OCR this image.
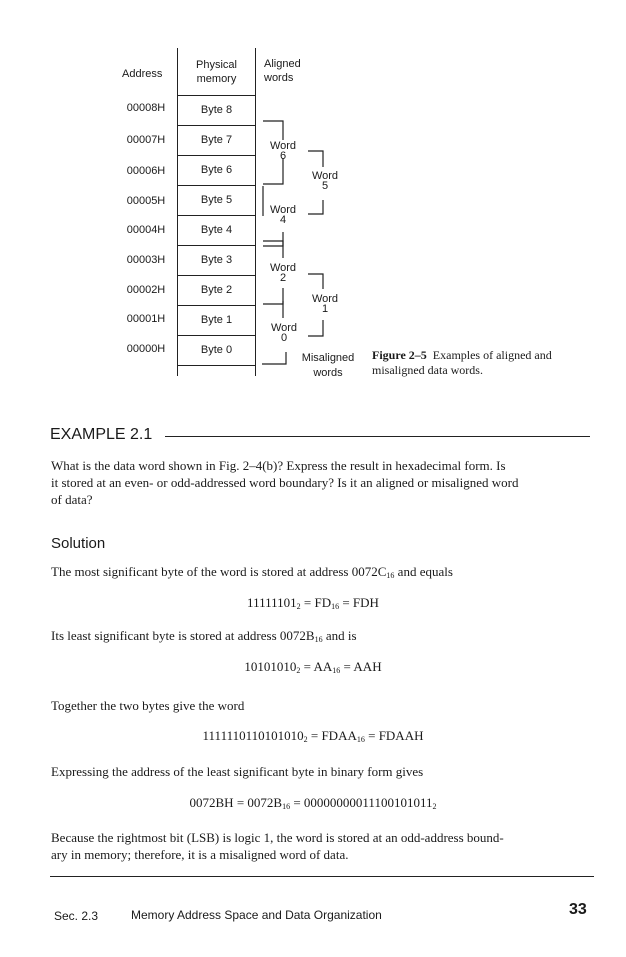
Address
Physical
memory
Aligned
words
Byte 8
Byte 7
Byte 6
Byte 5
Byte 4
Byte 3
Byte 2
Byte 1
Byte 0
00008H
00007H
00006H
00005H
00004H
00003H
00002H
00001H
00000H
Word
6
Word
4
Word
2
Word
0
Word
5
Word
1
Misaligned
words
Figure 2–5 Examples of aligned and
misaligned data words.
EXAMPLE 2.1
What is the data word shown in Fig. 2–4(b)? Express the result in hexadecimal form. Is
it stored at an even- or odd-addressed word boundary? Is it an aligned or misaligned word
of data?
Solution
The most significant byte of the word is stored at address $0072C_{16}$ and equals
$11111101_2 = FD_{16}$ = FDH
Its least significant byte is stored at address $0072B_{16}$ and is
$10101010_2 = AA_{16}$ = AAH
Together the two bytes give the word
$1111110110101010_2$ = $FDAA_{16}$ = FDAAH
Expressing the address of the least significant byte in binary form gives
$0072BH = 0072B_{16} = 00000000011100101011_2$
Because the rightmost bit (LSB) is logic 1, the word is stored at an odd-address bound-
ary in memory; therefore, it is a misaligned word of data.
Sec. 2.3	Memory Address Space and Data Organization	33
